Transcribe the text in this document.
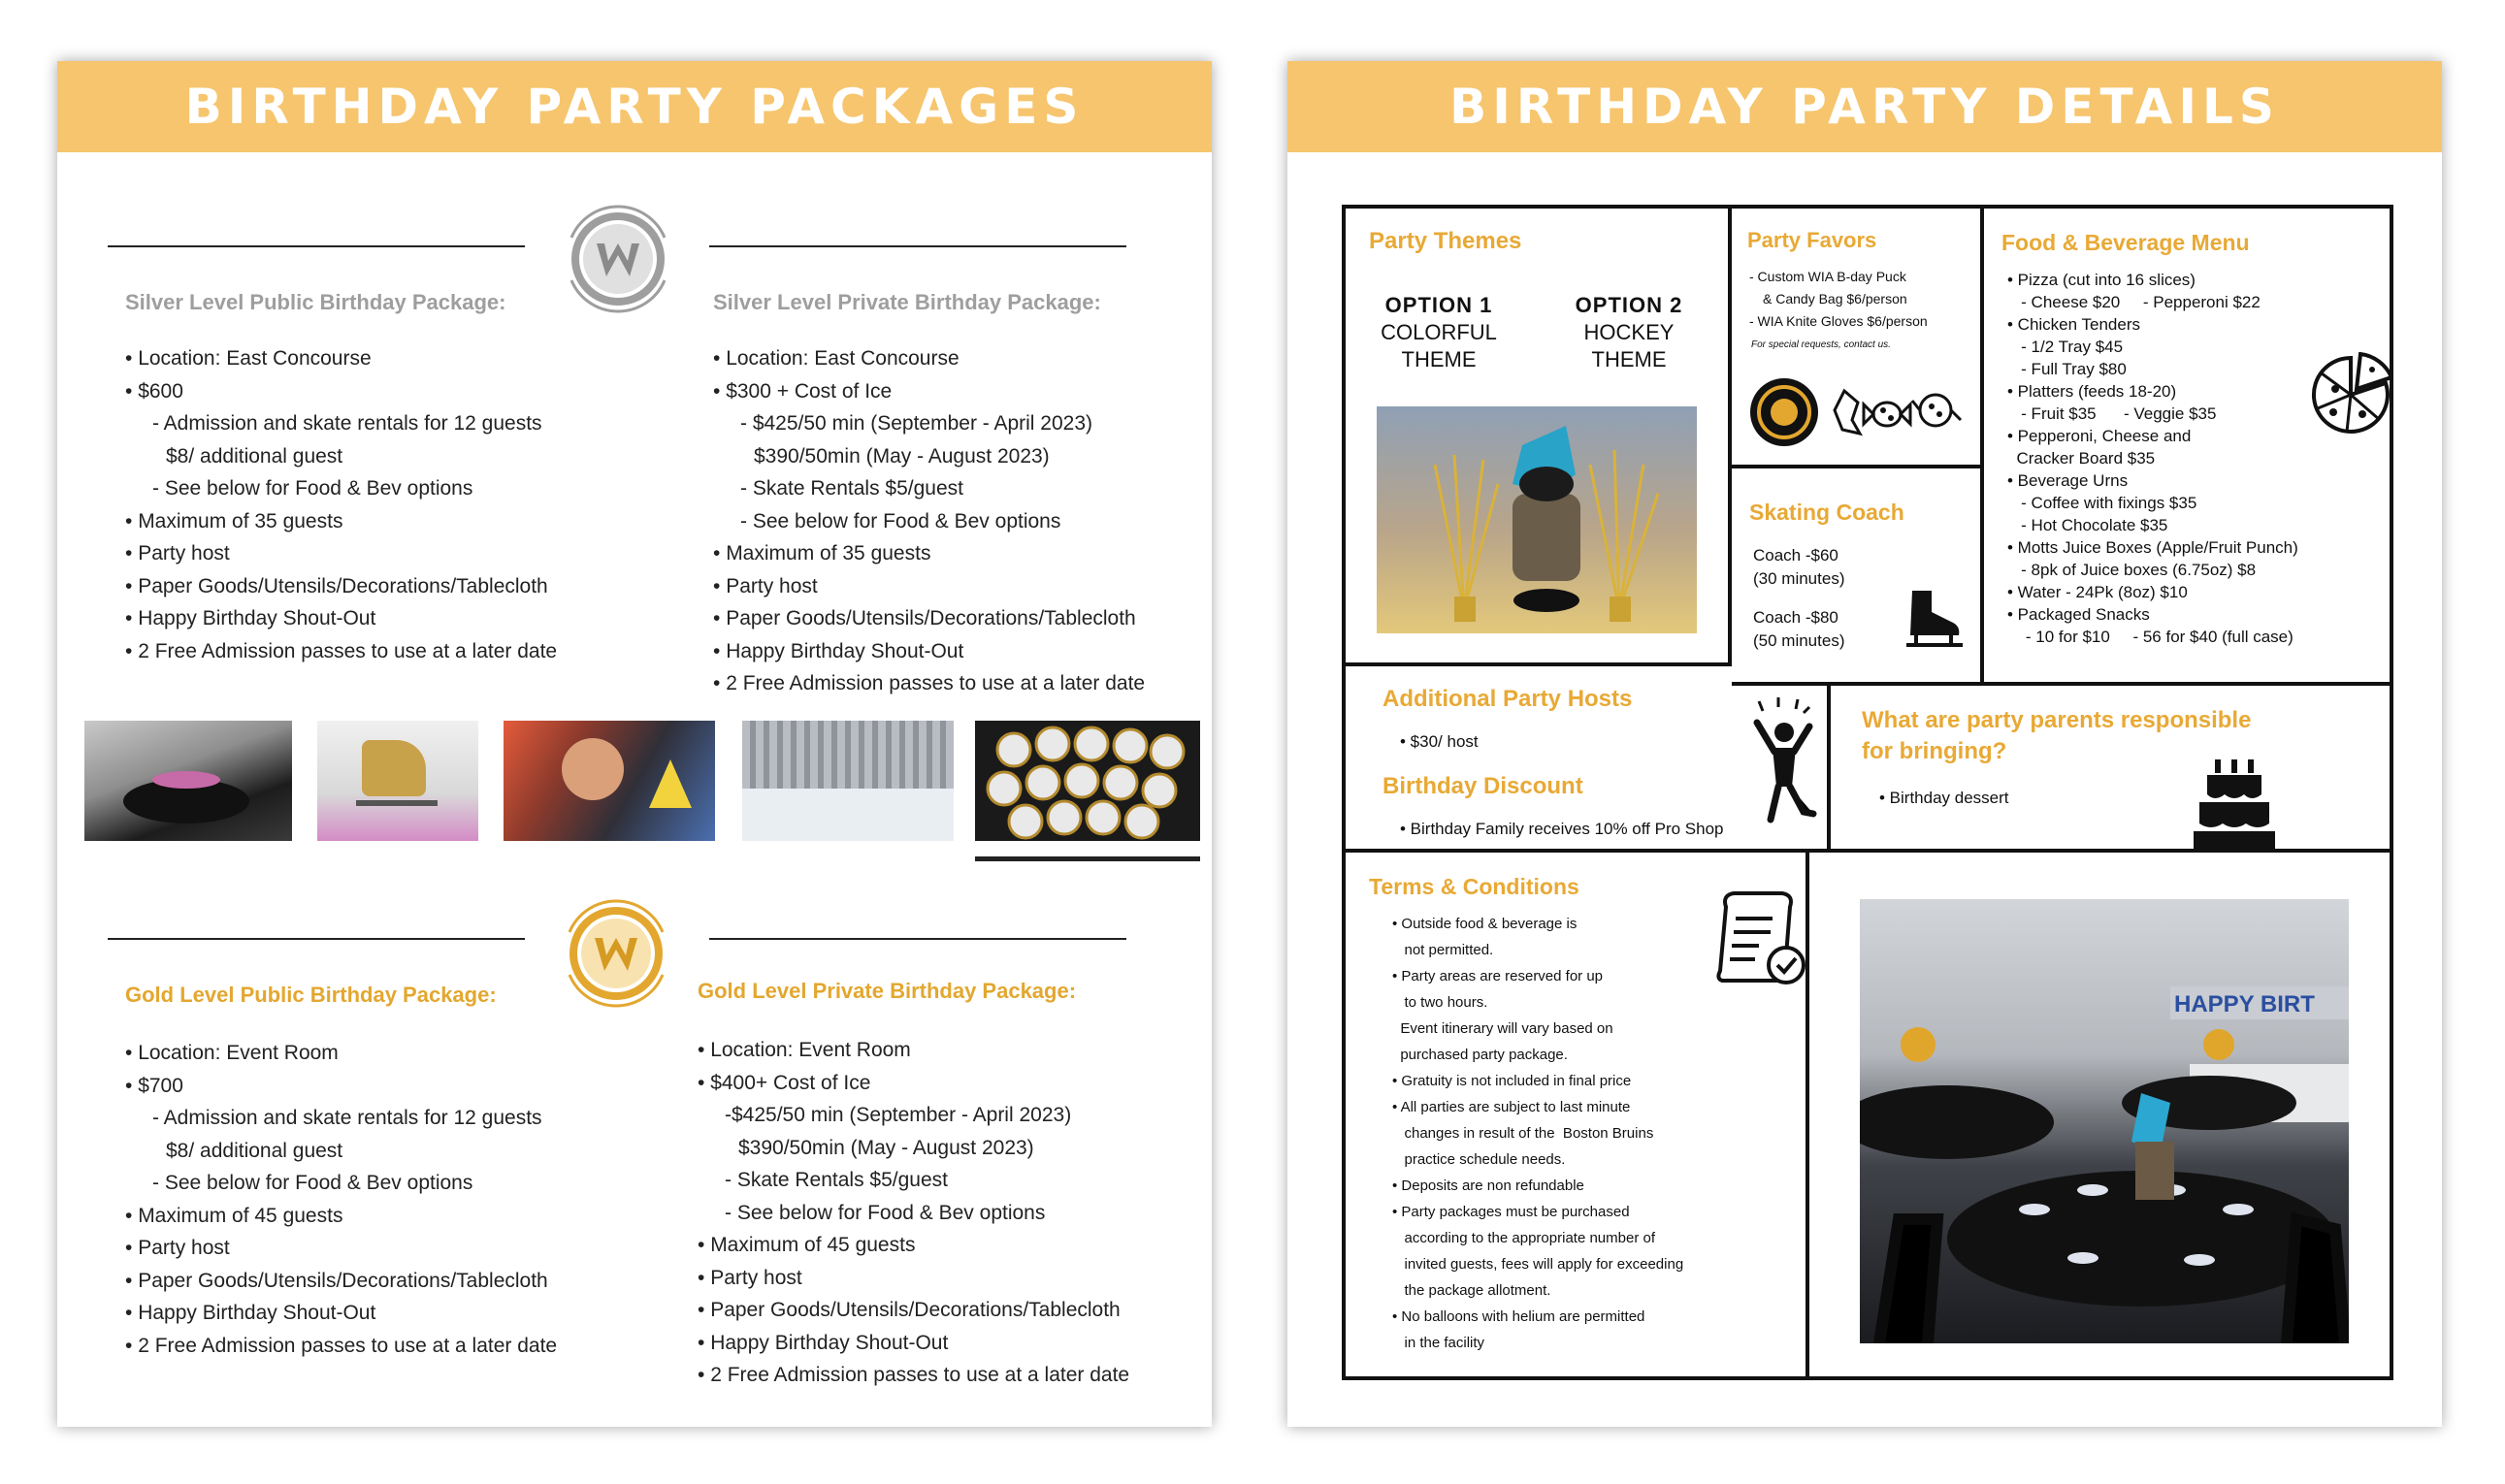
BIRTHDAY PARTY PACKAGES
Silver Level Public Birthday Package:
• Location: East Concourse
• $600
- Admission and skate rentals for 12 guests
$8/ additional guest
- See below for Food & Bev options
• Maximum of 35 guests
• Party host
• Paper Goods/Utensils/Decorations/Tablecloth
• Happy Birthday Shout-Out
• 2 Free Admission passes to use at a later date
Silver Level Private Birthday Package:
• Location: East Concourse
• $300 + Cost of Ice
- $425/50 min (September - April 2023)
$390/50min (May - August 2023)
- Skate Rentals $5/guest
- See below for Food & Bev options
• Maximum of 35 guests
• Party host
• Paper Goods/Utensils/Decorations/Tablecloth
• Happy Birthday Shout-Out
• 2 Free Admission passes to use at a later date
Gold Level Public Birthday Package:
• Location: Event Room
• $700
- Admission and skate rentals for 12 guests
$8/ additional guest
- See below for Food & Bev options
• Maximum of 45 guests
• Party host
• Paper Goods/Utensils/Decorations/Tablecloth
• Happy Birthday Shout-Out
• 2 Free Admission passes to use at a later date
Gold Level Private Birthday Package:
• Location: Event Room
• $400+ Cost of Ice
-$425/50 min (September - April 2023)
$390/50min (May - August 2023)
- Skate Rentals $5/guest
- See below for Food & Bev options
• Maximum of 45 guests
• Party host
• Paper Goods/Utensils/Decorations/Tablecloth
• Happy Birthday Shout-Out
• 2 Free Admission passes to use at a later date
BIRTHDAY PARTY DETAILS
Party Themes
OPTION 1
COLORFUL
THEME
OPTION 2
HOCKEY
THEME
Party Favors
- Custom WIA B-day Puck
& Candy Bag $6/person
- WIA Knite Gloves $6/person
For special requests, contact us.
Skating Coach
Coach -$60
(30 minutes)
Coach -$80
(50 minutes)
Food & Beverage Menu
• Pizza (cut into 16 slices)
- Cheese $20     - Pepperoni $22
• Chicken Tenders
- 1/2 Tray $45
- Full Tray $80
• Platters (feeds 18-20)
- Fruit $35      - Veggie $35
• Pepperoni, Cheese and
Cracker Board $35
• Beverage Urns
- Coffee with fixings $35
- Hot Chocolate $35
• Motts Juice Boxes (Apple/Fruit Punch)
- 8pk of Juice boxes (6.75oz) $8
• Water - 24Pk (8oz) $10
• Packaged Snacks
- 10 for $10     - 56 for $40 (full case)
Additional Party Hosts
• $30/ host
Birthday Discount
• Birthday Family receives 10% off Pro Shop
What are party parents responsible
for bringing?
• Birthday dessert
Terms & Conditions
• Outside food & beverage is
not permitted.
• Party areas are reserved for up
to two hours.
Event itinerary will vary based on
purchased party package.
• Gratuity is not included in final price
• All parties are subject to last minute
changes in result of the  Boston Bruins
practice schedule needs.
• Deposits are non refundable
• Party packages must be purchased
according to the appropriate number of
invited guests, fees will apply for exceeding
the package allotment.
• No balloons with helium are permitted
in the facility
HAPPY BIRT
